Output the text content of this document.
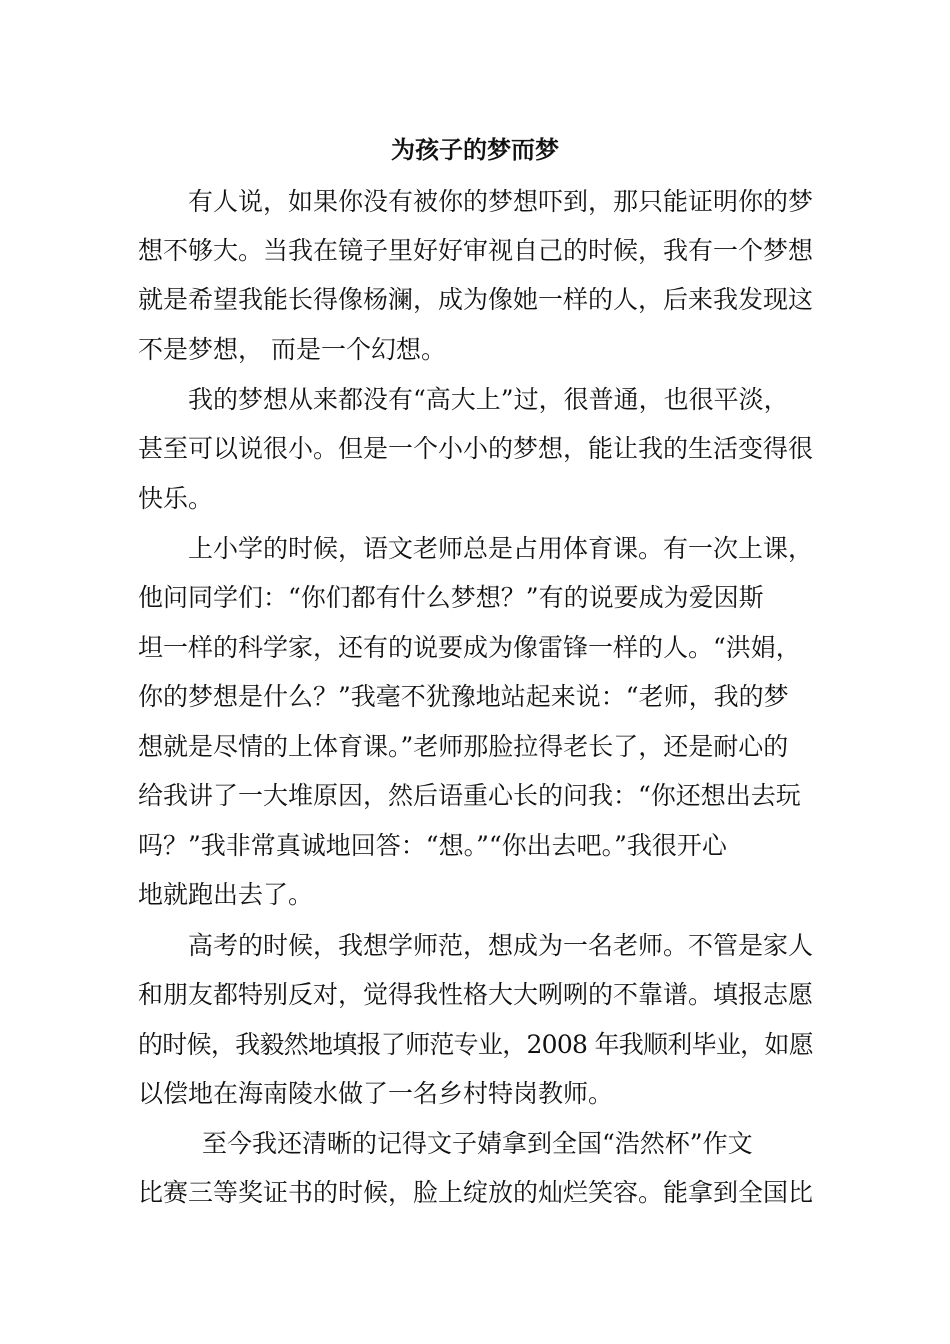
为孩子的梦而梦
有人说，如果你没有被你的梦想吓到，那只能证明你的梦
想不够大。当我在镜子里好好审视自己的时候，我有一个梦想
就是希望我能长得像杨澜，成为像她一样的人，后来我发现这
不是梦想， 而是一个幻想。
我的梦想从来都没有“高大上”过，很普通，也很平淡，
甚至可以说很小。但是一个小小的梦想，能让我的生活变得很
快乐。
上小学的时候，语文老师总是占用体育课。有一次上课，
他问同学们：“你们都有什么梦想？”有的说要成为爱因斯
坦一样的科学家，还有的说要成为像雷锋一样的人。“洪娟，
你的梦想是什么？”我毫不犹豫地站起来说：“老师，我的梦
想就是尽情的上体育课。”老师那脸拉得老长了，还是耐心的
给我讲了一大堆原因，然后语重心长的问我：“你还想出去玩
吗？”我非常真诚地回答：“想。”“你出去吧。”我很开心
地就跑出去了。
高考的时候，我想学师范，想成为一名老师。不管是家人
和朋友都特别反对，觉得我性格大大咧咧的不靠谱。填报志愿
的时候，我毅然地填报了师范专业，2008 年我顺利毕业，如愿
以偿地在海南陵水做了一名乡村特岗教师。
至今我还清晰的记得文子婧拿到全国“浩然杯”作文
比赛三等奖证书的时候，脸上绽放的灿烂笑容。能拿到全国比
